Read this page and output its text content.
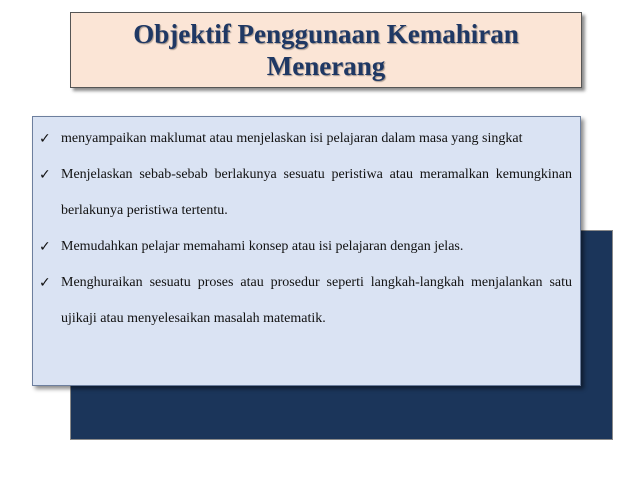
Objektif Penggunaan Kemahiran
Menerang
✓ menyampaikan maklumat atau menjelaskan isi pelajaran dalam masa yang singkat
✓ Menjelaskan sebab-sebab berlakunya sesuatu peristiwa atau meramalkan kemungkinan berlakunya peristiwa tertentu.
✓ Memudahkan pelajar memahami konsep atau isi pelajaran dengan jelas.
✓ Menghuraikan sesuatu proses atau prosedur seperti langkah-langkah menjalankan satu ujikaji atau menyelesaikan masalah matematik.
